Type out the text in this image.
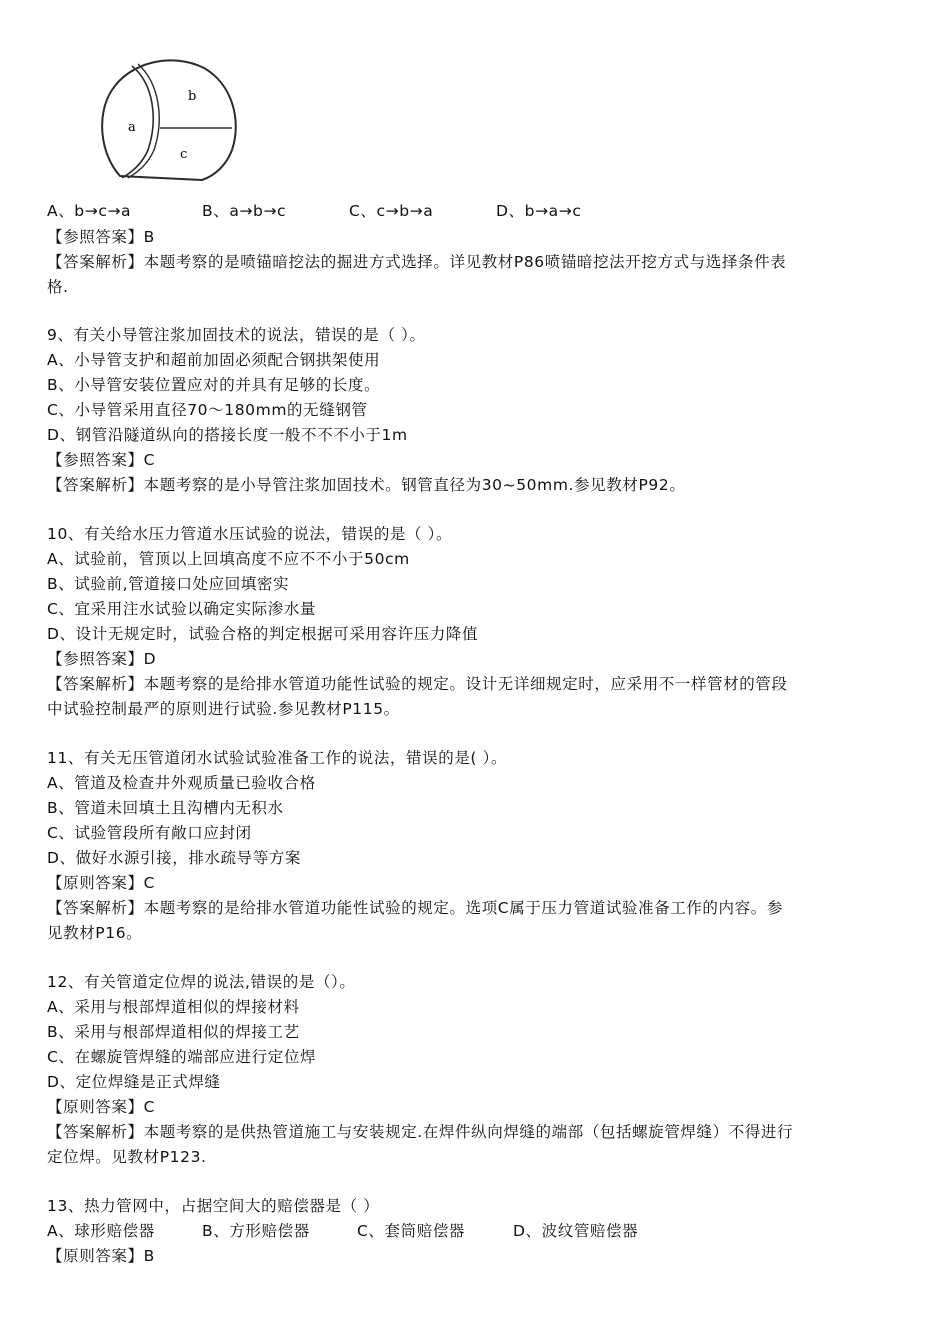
a
b
c
A、b→c→a	B、a→b→c	C、c→b→a	D、b→a→c
【参照答案】B
【答案解析】本题考察的是喷锚暗挖法的掘进方式选择。详见教材P86喷锚暗挖法开挖方式与选择条件表
格.
9、有关小导管注浆加固技术的说法，错误的是（ ）。
A、小导管支护和超前加固必须配合钢拱架使用
B、小导管安装位置应对的并具有足够的长度。
C、小导管采用直径70～180mm的无缝钢管
D、钢管沿隧道纵向的搭接长度一般不不不小于1m
【参照答案】C
【答案解析】本题考察的是小导管注浆加固技术。钢管直径为30~50mm.参见教材P92。
10、有关给水压力管道水压试验的说法，错误的是（ ）。
A、试验前，管顶以上回填高度不应不不小于50cm
B、试验前,管道接口处应回填密实
C、宜采用注水试验以确定实际渗水量
D、设计无规定时，试验合格的判定根据可采用容许压力降值
【参照答案】D
【答案解析】本题考察的是给排水管道功能性试验的规定。设计无详细规定时，应采用不一样管材的管段
中试验控制最严的原则进行试验.参见教材P115。
11、有关无压管道闭水试验试验准备工作的说法，错误的是( ）。
A、管道及检查井外观质量已验收合格
B、管道未回填土且沟槽内无积水
C、试验管段所有敞口应封闭
D、做好水源引接，排水疏导等方案
【原则答案】C
【答案解析】本题考察的是给排水管道功能性试验的规定。选项C属于压力管道试验准备工作的内容。参
见教材P16。
12、有关管道定位焊的说法,错误的是（）。
A、采用与根部焊道相似的焊接材料
B、采用与根部焊道相似的焊接工艺
C、在螺旋管焊缝的端部应进行定位焊
D、定位焊缝是正式焊缝
【原则答案】C
【答案解析】本题考察的是供热管道施工与安装规定.在焊件纵向焊缝的端部（包括螺旋管焊缝）不得进行
定位焊。见教材P123.
13、热力管网中，占据空间大的赔偿器是（ ）
A、球形赔偿器	B、方形赔偿器	C、套筒赔偿器	D、波纹管赔偿器
【原则答案】B
